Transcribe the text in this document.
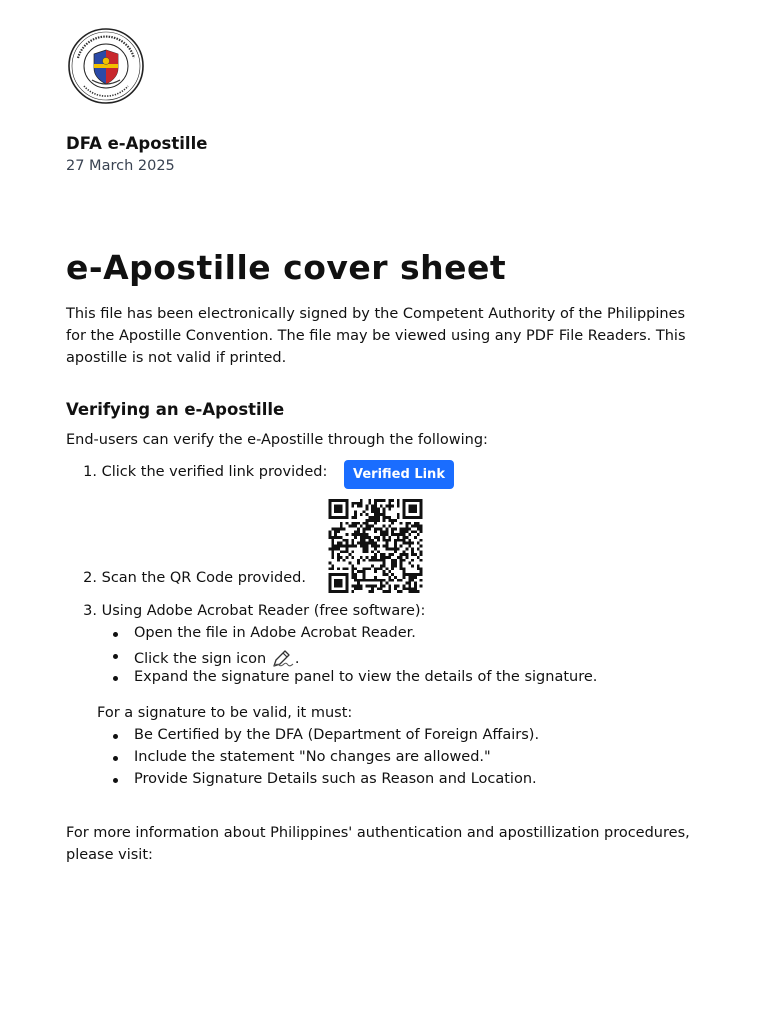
DFA e-Apostille
27 March 2025
e-Apostille cover sheet

This file has been electronically signed by the Competent Authority of the Philippines for the Apostille Convention. The file may be viewed using any PDF File Readers. This apostille is not valid if printed.

Verifying an e-Apostille
End-users can verify the e-Apostille through the following:
1. Click the verified link provided:	Verified Link
2. Scan the QR Code provided.
3. Using Adobe Acrobat Reader (free software):
Open the file in Adobe Acrobat Reader.
Click the sign icon .
Expand the signature panel to view the details of the signature.
For a signature to be valid, it must:
Be Certified by the DFA (Department of Foreign Affairs).
Include the statement "No changes are allowed."
Provide Signature Details such as Reason and Location.

For more information about Philippines' authentication and apostillization procedures, please visit:
